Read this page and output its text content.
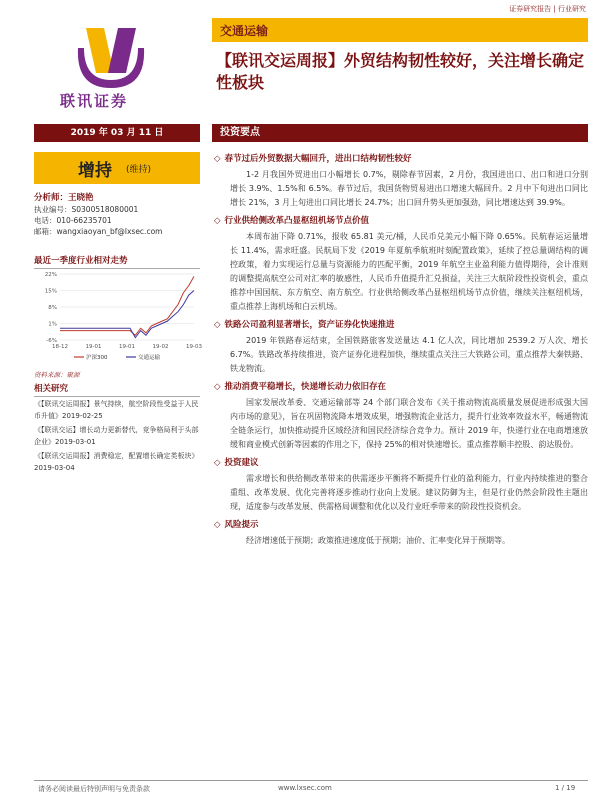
证券研究报告 | 行业研究
联讯证券
交通运输
【联讯交运周报】外贸结构韧性较好，关注增长确定性板块
2019 年 03 月 11 日	投资要点
增持 (维持)
分析师：王晓艳
执业编号：S0300518080001
电话：010-66235701
邮箱：wangxiaoyan_bf@lxsec.com
最近一季度行业相对走势
22%
15%
8%
1%
-6%
18-12	19-01	19-01	19-02	19-03
沪深300	交通运输
资料来源：聚源
相关研究

《【联讯交运周报】景气持续，航空阶段性受益于人民币升值》2019-02-25

《【联讯交运】增长动力更新替代，竞争格局利于头部企业》2019-03-01

《【联讯交运周报】消费稳定，配置增长确定类板块》2019-03-04

◇ 春节过后外贸数据大幅回升，进出口结构韧性较好
1-2 月我国外贸进出口小幅增长 0.7%，剔除春节因素，2 月份，我国进出口、出口和进口分别增长 3.9%、1.5%和 6.5%。春节过后，我国货物贸易进出口增速大幅回升。2 月中下旬进出口同比增长 21%，3 月上旬进出口同比增长 24.7%；出口回升势头更加强劲，同比增速达到 39.9%。
◇ 行业供给侧改革凸显枢纽机场节点价值
本周布油下降 0.71%，报收 65.81 美元/桶，人民币兑美元小幅下降 0.65%。民航春运运量增长 11.4%，需求旺盛。民航局下发《2019 年夏航季航班时刻配置政策》，延续了控总量调结构的调控政策，着力实现运行总量与资源能力的匹配平衡，2019 年航空主业盈利能力值得期待，会计准则的调整提高航空公司对汇率的敏感性，人民币升值提升汇兑损益，关注三大航阶段性投资机会，重点推荐中国国航、东方航空、南方航空。行业供给侧改革凸显枢纽机场节点价值，继续关注枢纽机场，重点推荐上海机场和白云机场。
◇ 铁路公司盈利显著增长，资产证券化快速推进
2019 年铁路春运结束，全国铁路旅客发送量达 4.1 亿人次，同比增加 2539.2 万人次、增长 6.7%。铁路改革持续推进，资产证券化进程加快，继续重点关注三大铁路公司，重点推荐大秦铁路、铁龙物流。
◇ 推动消费平稳增长，快递增长动力依旧存在
国家发展改革委、交通运输部等 24 个部门联合发布《关于推动物流高质量发展促进形成强大国内市场的意见》，旨在巩固物流降本增效成果，增强物流企业活力，提升行业效率效益水平，畅通物流全链条运行，加快推动提升区域经济和国民经济综合竞争力。预计 2019 年，快递行业在电商增速放缓和商业模式创新等因素的作用之下，保持 25%的相对快速增长。重点推荐顺丰控股、韵达股份。
◇ 投资建议
需求增长和供给侧改革带来的供需逐步平衡将不断提升行业的盈利能力，行业内持续推进的整合重组、改革发展、优化完善将逐步推动行业向上发展。建议防御为主，但是行业仍然会阶段性主题出现，适度参与改革发展、供需格局调整和优化以及行业旺季带来的阶段性投资机会。
◇ 风险提示
经济增速低于预期；政策推进速度低于预期；油价、汇率变化异于预期等。
请务必阅读最后特别声明与免责条款	www.lxsec.com	1 / 19
